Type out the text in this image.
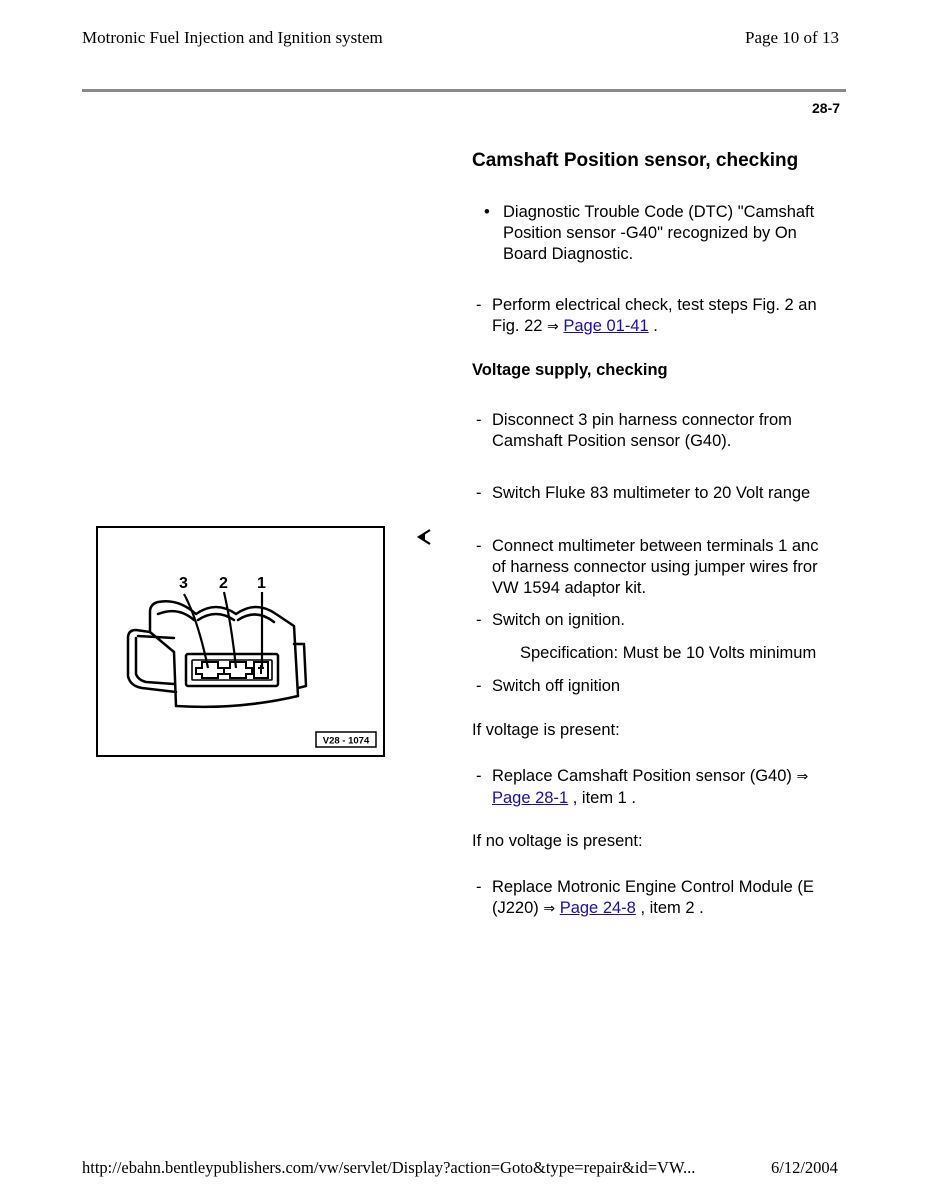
Motronic Fuel Injection and Ignition system	Page 10 of 13
28-7
Camshaft Position sensor, checking
• Diagnostic Trouble Code (DTC) "Camshaft
Position sensor -G40" recognized by On
Board Diagnostic.
- Perform electrical check, test steps Fig. 2 an
Fig. 22 ⇒ Page 01-41 .
Voltage supply, checking
- Disconnect 3 pin harness connector from
Camshaft Position sensor (G40).
- Switch Fluke 83 multimeter to 20 Volt range
- Connect multimeter between terminals 1 anc
of harness connector using jumper wires fror
VW 1594 adaptor kit.
- Switch on ignition.
Specification: Must be 10 Volts minimum
- Switch off ignition
If voltage is present:
- Replace Camshaft Position sensor (G40) ⇒
Page 28-1 , item 1 .
If no voltage is present:
- Replace Motronic Engine Control Module (E
(J220) ⇒ Page 24-8 , item 2 .
3 2 1
V28 - 1074
http://ebahn.bentleypublishers.com/vw/servlet/Display?action=Goto&type=repair&id=VW...	6/12/2004
